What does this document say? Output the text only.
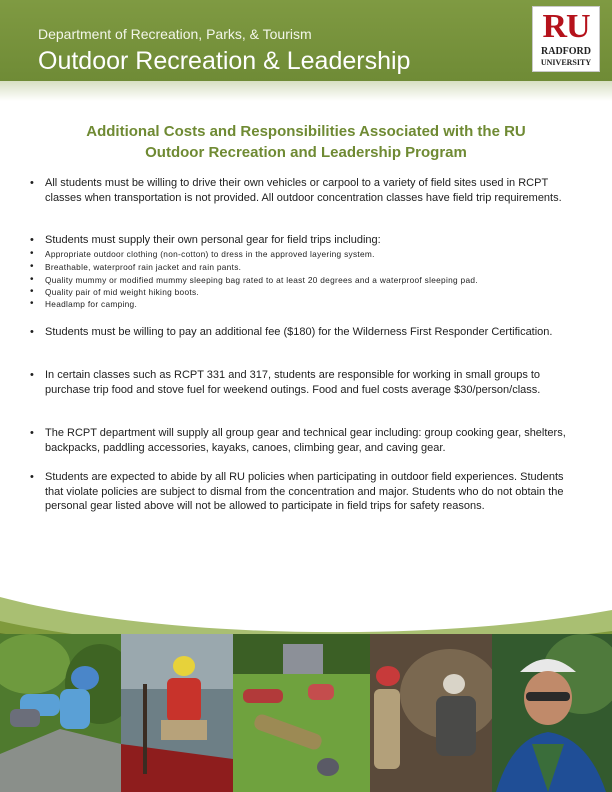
Department of Recreation, Parks, & Tourism
Outdoor Recreation & Leadership
RU
RADFORD
UNIVERSITY
Additional Costs and Responsibilities Associated with the RU
Outdoor Recreation and Leadership Program
• All students must be willing to drive their own vehicles or carpool to a variety of field sites used in RCPT classes when transportation is not provided. All outdoor concentration classes have field trip requirements.
• Students must supply their own personal gear for field trips including:
• Appropriate outdoor clothing (non-cotton) to dress in the approved layering system.
• Breathable, waterproof rain jacket and rain pants.
• Quality mummy or modified mummy sleeping bag rated to at least 20 degrees and a waterproof sleeping pad.
• Quality pair of mid weight hiking boots.
• Headlamp for camping.
• Students must be willing to pay an additional fee ($180) for the Wilderness First Responder Certification.
• In certain classes such as RCPT 331 and 317, students are responsible for working in small groups to purchase trip food and stove fuel for weekend outings. Food and fuel costs average $30/person/class.
• The RCPT department will supply all group gear and technical gear including: group cooking gear, shelters, backpacks, paddling accessories, kayaks, canoes, climbing gear, and caving gear.
• Students are expected to abide by all RU policies when participating in outdoor field experiences. Students that violate policies are subject to dismal from the concentration and major. Students who do not obtain the personal gear listed above will not be allowed to participate in field trips for safety reasons.
